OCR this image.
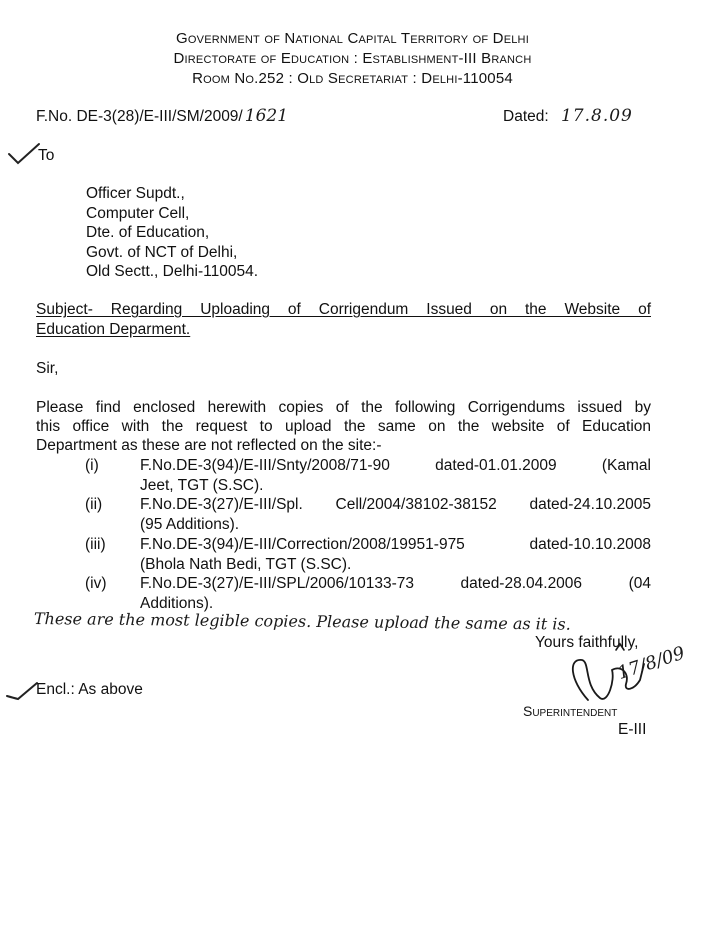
Government of National Capital Territory of Delhi
Directorate of Education : Establishment-III Branch
Room No.252 : Old Secretariat : Delhi-110054
F.No. DE-3(28)/E-III/SM/2009/ 1621	Dated: 17.8.09
To
Officer Supdt.,
Computer Cell,
Dte. of Education,
Govt. of NCT of Delhi,
Old Sectt., Delhi-110054.
Subject- Regarding Uploading of Corrigendum Issued on the Website of
Education Deparment.
Sir,
Please find enclosed herewith copies of the following Corrigendums issued by
this office with the request to upload the same on the website of Education
Department as these are not reflected on the site:-
(i)	F.No.DE-3(94)/E-III/Snty/2008/71-90 dated-01.01.2009 (Kamal
Jeet, TGT (S.SC).
(ii) F.No.DE-3(27)/E-III/Spl. Cell/2004/38102-38152 dated-24.10.2005
(95 Additions).
(iii) F.No.DE-3(94)/E-III/Correction/2008/19951-975 dated-10.10.2008
(Bhola Nath Bedi, TGT (S.SC).
(iv) F.No.DE-3(27)/E-III/SPL/2006/10133-73 dated-28.04.2006 (04
Additions).
These are the most legible copies. Please upload the same as it is.
Yours faithfully,
Encl.: As above
17/8/09
Superintendent
E-III
